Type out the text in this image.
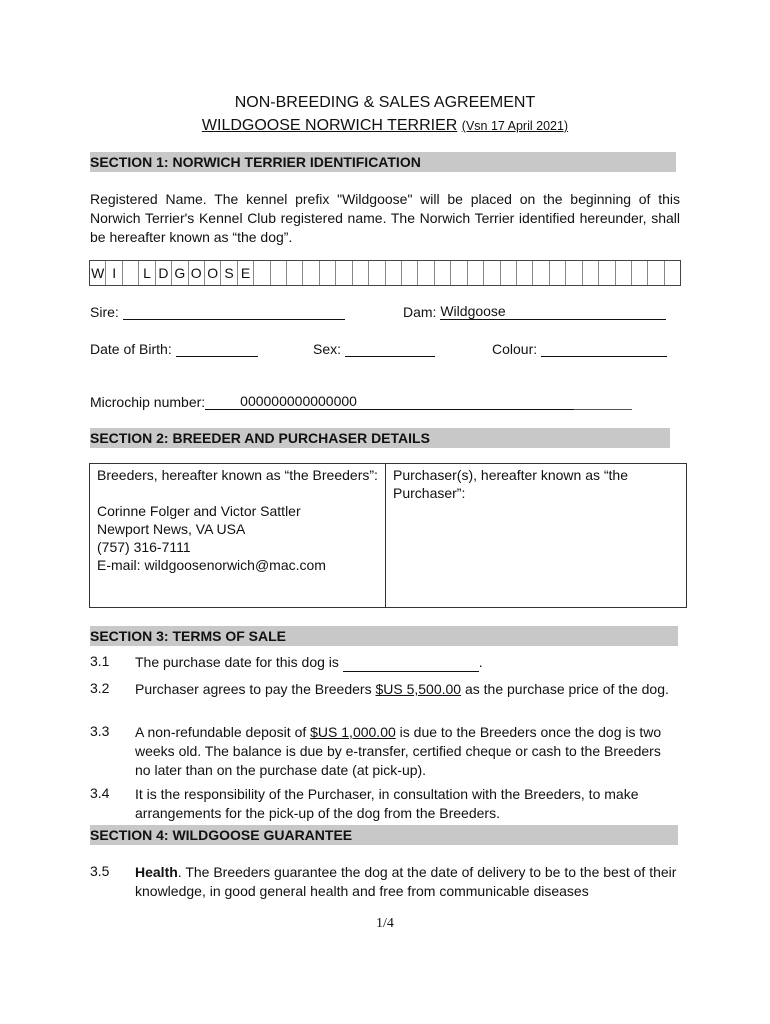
NON-BREEDING & SALES AGREEMENT
WILDGOOSE NORWICH TERRIER (Vsn 17 April 2021)
SECTION 1: NORWICH TERRIER IDENTIFICATION
Registered Name. The kennel prefix "Wildgoose" will be placed on the beginning of this Norwich Terrier's Kennel Club registered name. The Norwich Terrier identified hereunder, shall be hereafter known as “the dog”.
W I	L D G O O S E
Sire:	Dam: Wildgoose
Date of Birth:	Sex:	Colour:
Microchip number:	000000000000000
SECTION 2: BREEDER AND PURCHASER DETAILS
Breeders, hereafter known as “the Breeders”:
Corinne Folger and Victor Sattler
Newport News, VA USA
(757) 316-7111
E-mail: wildgoosenorwich@mac.com
Purchaser(s), hereafter known as “the Purchaser”:
SECTION 3: TERMS OF SALE
3.1 The purchase date for this dog is	.
3.2 Purchaser agrees to pay the Breeders $US 5,500.00 as the purchase price of the dog.
3.3 A non-refundable deposit of $US 1,000.00 is due to the Breeders once the dog is two weeks old. The balance is due by e-transfer, certified cheque or cash to the Breeders no later than on the purchase date (at pick-up).
3.4 It is the responsibility of the Purchaser, in consultation with the Breeders, to make arrangements for the pick-up of the dog from the Breeders.
SECTION 4: WILDGOOSE GUARANTEE
3.5 Health. The Breeders guarantee the dog at the date of delivery to be to the best of their knowledge, in good general health and free from communicable diseases
1/4
